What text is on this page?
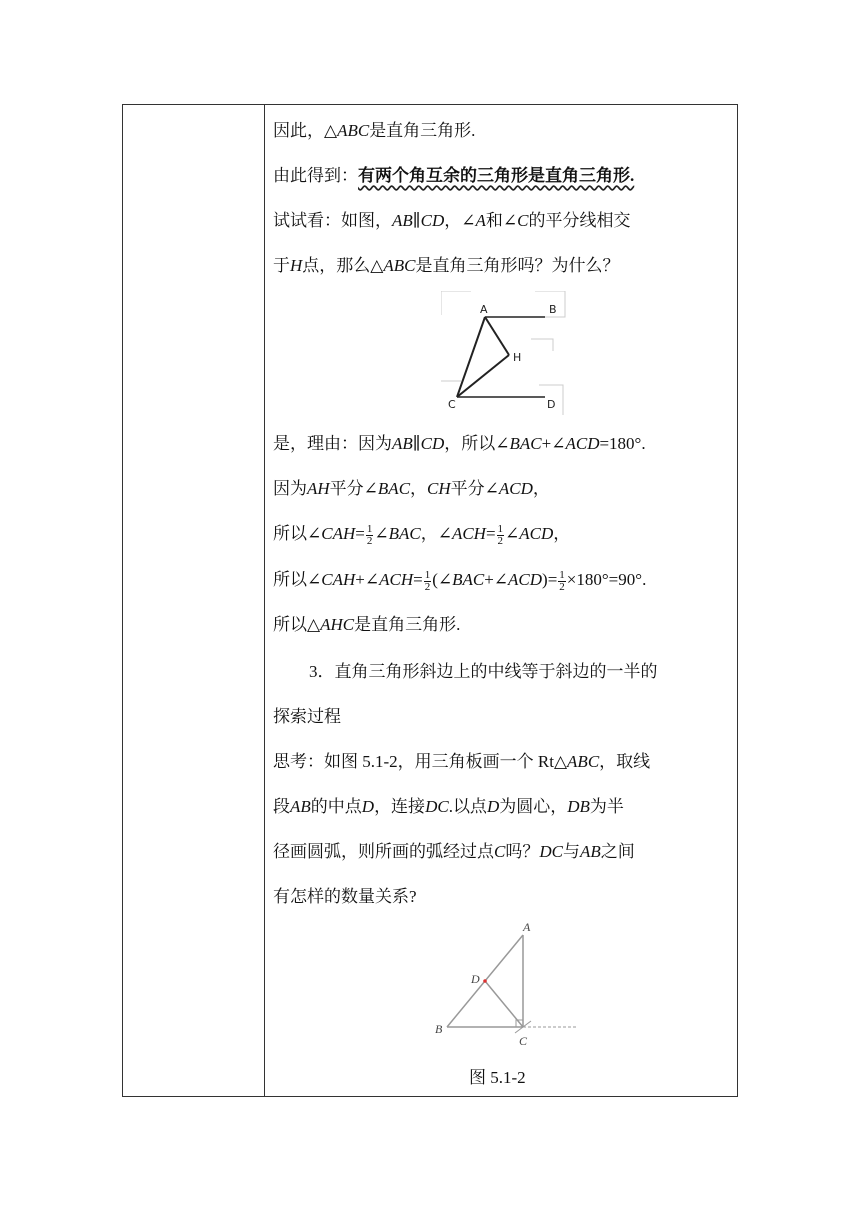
因此，△ABC是直角三角形.
由此得到：有两个角互余的三角形是直角三角形.
试试看：如图，AB∥CD，∠A和∠C的平分线相交
于H点，那么△ABC是直角三角形吗？为什么？
A	B
H
C	D
是，理由：因为AB∥CD，所以∠BAC+∠ACD=180°.
因为AH平分∠BAC，CH平分∠ACD，
所以∠CAH= $\frac{1}{2}$ ∠BAC，∠ACH= $\frac{1}{2}$ ∠ACD，
所以∠CAH+∠ACH= $\frac{1}{2}$ (∠BAC+∠ACD)= $\frac{1}{2} \times 180^\circ=90^\circ$.
所以△AHC是直角三角形.
3．直角三角形斜边上的中线等于斜边的一半的
探索过程
思考：如图 5.1-2，用三角板画一个 Rt△ABC，取线
段AB的中点D，连接DC.以点D为圆心，DB为半
径画圆弧，则所画的弧经过点C吗？DC与AB之间
有怎样的数量关系?
A
D
B
C
图 5.1-2
